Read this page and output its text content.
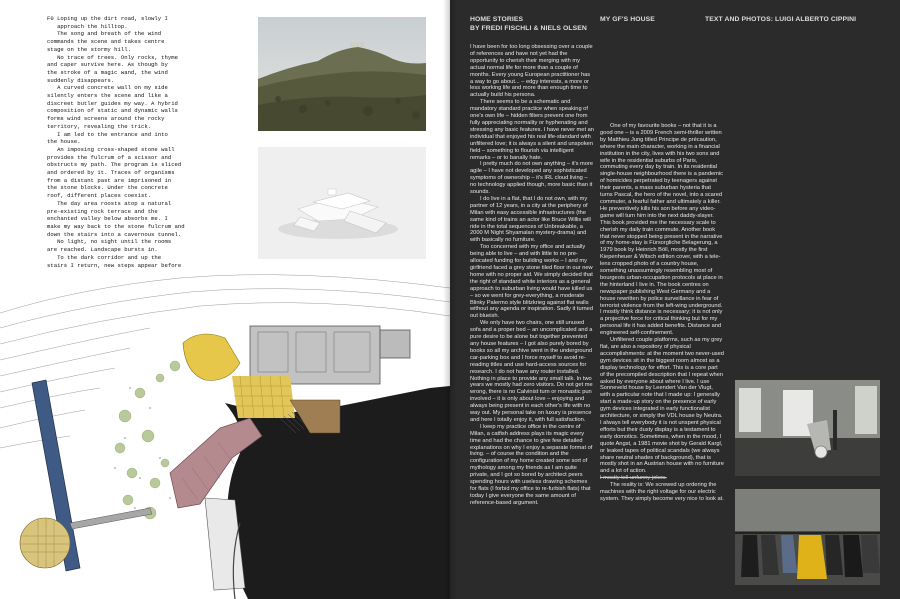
F0 Loping up the dirt road, slowly I
approach the hilltop.
The song and breath of the wind
commands the scene and takes centre
stage on the stormy hill.
No trace of trees. Only rocks, thyme
and caper survive here. As though by
the stroke of a magic wand, the wind
suddenly disappears.
A curved concrete wall on my side
silently enters the scene and like a
discreet butler guides my way. A hybrid
composition of static and dynamic walls
forms wind screens around the rocky
territory, revealing the trick.
I am led to the entrance and into
the house.
An imposing cross-shaped stone wall
provides the fulcrum of a scissor and
obstructs my path. The program is sliced
and ordered by it. Traces of organisms
from a distant past are imprisoned in
the stone blocks. Under the concrete
roof, different places coexist.
The day area roosts atop a natural
pre-existing rock terrace and the
enchanted valley below absorbs me. I
make my way back to the stone fulcrum and
down the stairs into a cavernous tunnel.
No light, no sight until the rooms
are reached. Landscape bursts in.
To the dark corridor and up the
stairs I return, new steps appear before

HOME STORIES
BY FREDI FISCHLI & NIELS OLSEN
MY GF'S HOUSE	TEXT AND PHOTOS: LUIGI ALBERTO CIPPINI

I have been for too long obsessing over a couple of references and have not yet had the opportunity to cherish their merging with my actual normal life for more than a couple of months. Every young European practitioner has a way to go about... – edgy interests, a more or less working life and more than enough time to actually build his persona.

There seems to be a schematic and mandatory standard practice when speaking of one's own life – hidden filters prevent one from fully appreciating normality or hyphenating and stressing any basic features. I have never met an individual that enjoyed his real life-standard with unfiltered love; it is always a silent and unspoken field – something to flourish via intelligent remarks – or to banally hate.

I pretty much do not own anything – it's more agile – I have not developed any sophisticated symptoms of ownership – it's IRL cloud living – no technology applied though, more basic than it sounds.

I do live in a flat, that I do not own, with my partner of 12 years, in a city at the periphery of Milan with easy accessible infrastructures (the same kind of trains an actor like Bruce Willis will ride in the total sequences of Unbreakable, a 2000 M Night Shyamalan mystery-drama) and with basically no furniture.

Too concerned with my office and actually being able to live – and with little to no pre-allocated funding for building works – I and my girlfriend faced a grey stone tiled floor in our new home with no proper aid. We simply decided that the right of standard white interiors as a general approach to suburban living would have killed us – so we went for grey-everything, a moderate Blinky Palermo style blitzkrieg against flat walls without any agenda or inspiration. Sadly it turned out blueish.

We only have two chairs, one still unused sofa and a proper bed – an uncomplicated and a pure desire to be alone but together prevented any house features – I got also purely bored by books so all my archive went in the underground car-parking box and I force myself to avoid re-reading titles and use hard-access sources for research. I do not have any router installed. Nothing in place to provide any small talk. In two years we mostly had zero visitors. Do not get me wrong, there is no Calvinist turn or monastic pun involved – it is only about love – enjoying and always being present in each other's life with no way out. My personal take on luxury is presence and here I totally enjoy it, with full satisfaction.

I keep my practice office in the centre of Milan, a catfish address plays its magic every time and had the chance to give few detailed explanations on why I enjoy a separate format of living. – of course the condition and the configuration of my home created some sort of mythology among my friends as I am quite private, and I got so bored by architect peers spending hours with useless drawing schemes for flats (I forbid my office to re-furbish flats) that today I give everyone the same amount of reference-based argument.

One of my favourite books – not that it is a good one – is a 2009 French semi-thriller written by Matthieu Jung titled Principe de précaution, where the main character, working in a financial institution in the city, lives with his two sons and wife in the residential suburbs of Paris, commuting every day by train. In its residential single-house neighbourhood there is a pandemic of homicides perpetrated by teenagers against their parents, a mass suburban hysteria that turns Pascal, the hero of the novel, into a scared commuter, a fearful father and ultimately a killer. He preventively kills his son before any video-game will turn him into the next daddy-slayer. This book provided me the necessary scale to cherish my daily train commute. Another book that never stopped being present in the narrative of my home-stay is Fürsorgliche Belagerung, a 1979 book by Heinrich Böll, mostly the first Kiepenheuer & Witsch edition cover, with a tele-lens cropped photo of a country house, something unassumingly resembling most of bourgeois urban-occupation protocols at place in the hinterland I live in. The book centres on newspaper publishing West Germany and a house rewritten by police surveillance in fear of terrorist violence from the left-wing underground. I mostly think distance is necessary; it is not only a projective force for critical thinking but for my personal life it has added benefits. Distance and engineered self-confinement.

Unfiltered couple platforms, such as my grey flat, are also a repository of physical accomplishments: at the moment two never-used gym devices sit in the biggest room almost as a display technology for effort. This is a core part of the precompiled description that I repeat when asked by everyone about where I live. I use Sonneveld house by Leendert Van der Vlugt, with a particular note that I made up: I generally start a made-up story on the presence of early gym devices integrated in early functionalist architecture, or simply the VDL house by Neutra. I always tell everybody it is not unspent physical efforts but their dusty display is a testament to early domotics. Sometimes, when in the mood, I quote Angst, a 1981 movie shot by Gerald Kargl, or leaked tapes of political scandals (we always share neutral shades of background), that is mostly shot in an Austrian house with no furniture and a lot of action.

I mostly tell unfunny jokes.

The reality is: We screwed up ordering the machines with the right voltage for our electric system. They simply become very nice to look at.
